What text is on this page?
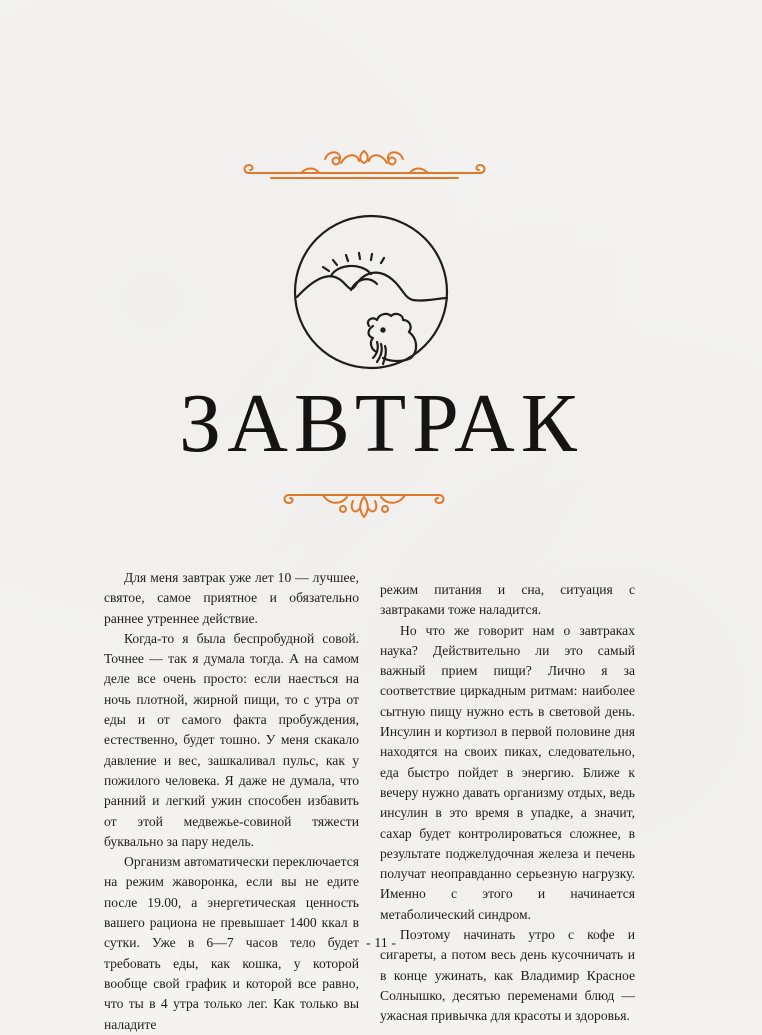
ЗАВТРАК

Для меня завтрак уже лет 10 — лучшее, святое, самое приятное и обязательно раннее утреннее действие.

Когда-то я была беспробудной совой. Точнее — так я думала тогда. А на самом деле все очень просто: если наесться на ночь плотной, жирной пищи, то с утра от еды и от самого факта пробуждения, естественно, будет тошно. У меня скакало давление и вес, зашкаливал пульс, как у пожилого человека. Я даже не думала, что ранний и легкий ужин способен избавить от этой медвежье-совиной тяжести буквально за пару недель.

Организм автоматически переключается на режим жаворонка, если вы не едите после 19.00, а энергетическая ценность вашего рациона не превышает 1400 ккал в сутки. Уже в 6—7 часов тело будет требовать еды, как кошка, у которой вообще свой график и которой все равно, что ты в 4 утра только лег. Как только вы наладите

режим питания и сна, ситуация с завтраками тоже наладится.

Но что же говорит нам о завтраках наука? Действительно ли это самый важный прием пищи? Лично я за соответствие циркадным ритмам: наиболее сытную пищу нужно есть в световой день. Инсулин и кортизол в первой половине дня находятся на своих пиках, следовательно, еда быстро пойдет в энергию. Ближе к вечеру нужно давать организму отдых, ведь инсулин в это время в упадке, а значит, сахар будет контролироваться сложнее, в результате поджелудочная железа и печень получат неоправданно серьезную нагрузку. Именно с этого и начинается метаболический синдром.

Поэтому начинать утро с кофе и сигареты, а потом весь день кусочничать и в конце ужинать, как Владимир Красное Солнышко, десятью переменами блюд — ужасная привычка для красоты и здоровья.

- 11 -
